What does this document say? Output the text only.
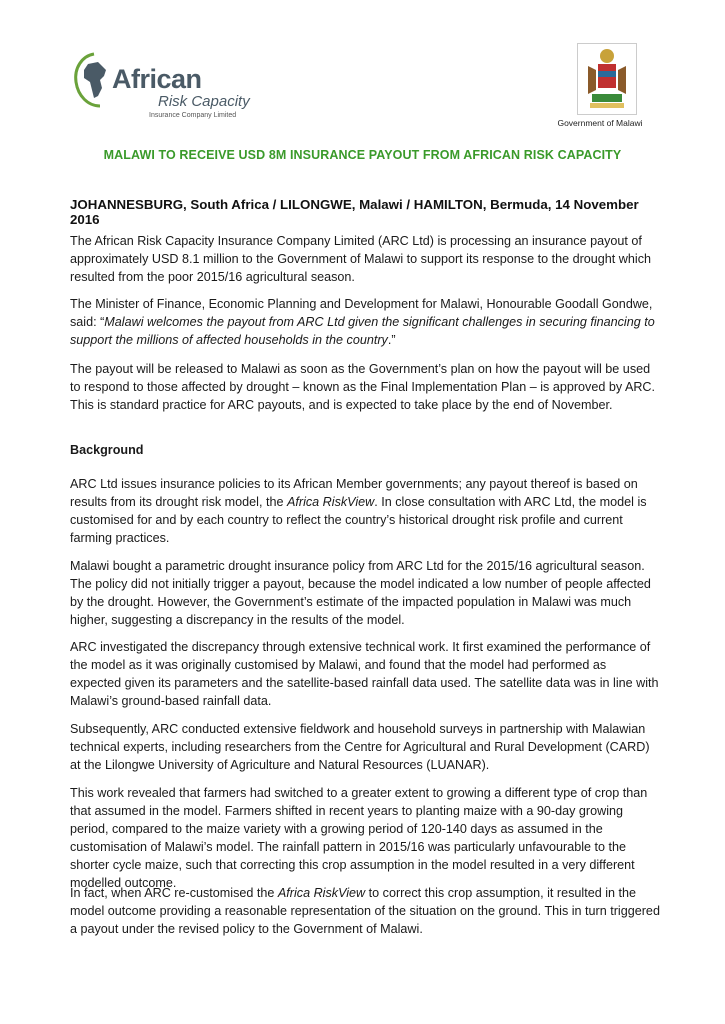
African
Risk Capacity
Insurance Company Limited
Government of Malawi
MALAWI TO RECEIVE USD 8M INSURANCE PAYOUT FROM AFRICAN RISK CAPACITY
JOHANNESBURG, South Africa / LILONGWE, Malawi / HAMILTON, Bermuda, 14 November 2016
The African Risk Capacity Insurance Company Limited (ARC Ltd) is processing an insurance payout of approximately USD 8.1 million to the Government of Malawi to support its response to the drought which resulted from the poor 2015/16 agricultural season.
The Minister of Finance, Economic Planning and Development for Malawi, Honourable Goodall Gondwe, said: “Malawi welcomes the payout from ARC Ltd given the significant challenges in securing financing to support the millions of affected households in the country.”
The payout will be released to Malawi as soon as the Government’s plan on how the payout will be used to respond to those affected by drought – known as the Final Implementation Plan – is approved by ARC. This is standard practice for ARC payouts, and is expected to take place by the end of November.
Background
ARC Ltd issues insurance policies to its African Member governments; any payout thereof is based on results from its drought risk model, the Africa RiskView. In close consultation with ARC Ltd, the model is customised for and by each country to reflect the country’s historical drought risk profile and current farming practices.
Malawi bought a parametric drought insurance policy from ARC Ltd for the 2015/16 agricultural season. The policy did not initially trigger a payout, because the model indicated a low number of people affected by the drought. However, the Government’s estimate of the impacted population in Malawi was much higher, suggesting a discrepancy in the results of the model.
ARC investigated the discrepancy through extensive technical work. It first examined the performance of the model as it was originally customised by Malawi, and found that the model had performed as expected given its parameters and the satellite-based rainfall data used. The satellite data was in line with Malawi’s ground-based rainfall data.
Subsequently, ARC conducted extensive fieldwork and household surveys in partnership with Malawian technical experts, including researchers from the Centre for Agricultural and Rural Development (CARD) at the Lilongwe University of Agriculture and Natural Resources (LUANAR).
This work revealed that farmers had switched to a greater extent to growing a different type of crop than that assumed in the model. Farmers shifted in recent years to planting maize with a 90-day growing period, compared to the maize variety with a growing period of 120-140 days as assumed in the customisation of Malawi’s model. The rainfall pattern in 2015/16 was particularly unfavourable to the shorter cycle maize, such that correcting this crop assumption in the model resulted in a very different modelled outcome.
In fact, when ARC re-customised the Africa RiskView to correct this crop assumption, it resulted in the model outcome providing a reasonable representation of the situation on the ground. This in turn triggered a payout under the revised policy to the Government of Malawi.
